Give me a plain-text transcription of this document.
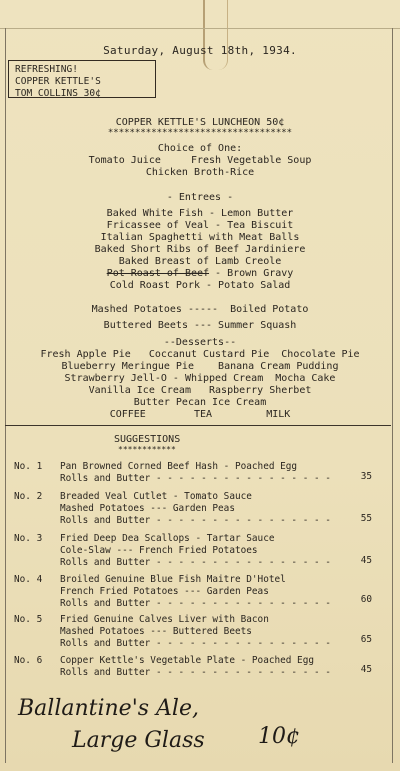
Saturday, August 18th, 1934.
REFRESHING!
COPPER KETTLE'S
TOM COLLINS 30¢
COPPER KETTLE'S LUNCHEON 50¢
**********************************
Choice of One:
Tomato Juice     Fresh Vegetable Soup
Chicken Broth-Rice
- Entrees -
Baked White Fish - Lemon Butter
Fricassee of Veal - Tea Biscuit
Italian Spaghetti with Meat Balls
Baked Short Ribs of Beef Jardiniere
Baked Breast of Lamb Creole
Pot Roast of Beef - Brown Gravy
Cold Roast Pork - Potato Salad
Mashed Potatoes -----  Boiled Potato
Buttered Beets --- Summer Squash
--Desserts--
Fresh Apple Pie   Coccanut Custard Pie  Chocolate Pie
Blueberry Meringue Pie    Banana Cream Pudding
Strawberry Jell-O - Whipped Cream  Mocha Cake
Vanilla Ice Cream   Raspberry Sherbet
Butter Pecan Ice Cream
COFFEE        TEA         MILK
SUGGESTIONS
************
No. 1 Pan Browned Corned Beef Hash - Poached Egg
Rolls and Butter - - - - - - - - - - - - - - - -	35
No. 2 Breaded Veal Cutlet - Tomato Sauce
Mashed Potatoes --- Garden Peas
Rolls and Butter - - - - - - - - - - - - - - - -	55
No. 3 Fried Deep Dea Scallops - Tartar Sauce
Cole-Slaw --- French Fried Potatoes
Rolls and Butter - - - - - - - - - - - - - - - -	45
No. 4 Broiled Genuine Blue Fish Maitre D'Hotel
French Fried Potatoes --- Garden Peas
Rolls and Butter - - - - - - - - - - - - - - - -	60
No. 5 Fried Genuine Calves Liver with Bacon
Mashed Potatoes --- Buttered Beets
Rolls and Butter - - - - - - - - - - - - - - - -	65
No. 6 Copper Kettle's Vegetable Plate - Poached Egg
Rolls and Butter - - - - - - - - - - - - - - - -	45
Ballantine's Ale,
Large Glass 10¢
